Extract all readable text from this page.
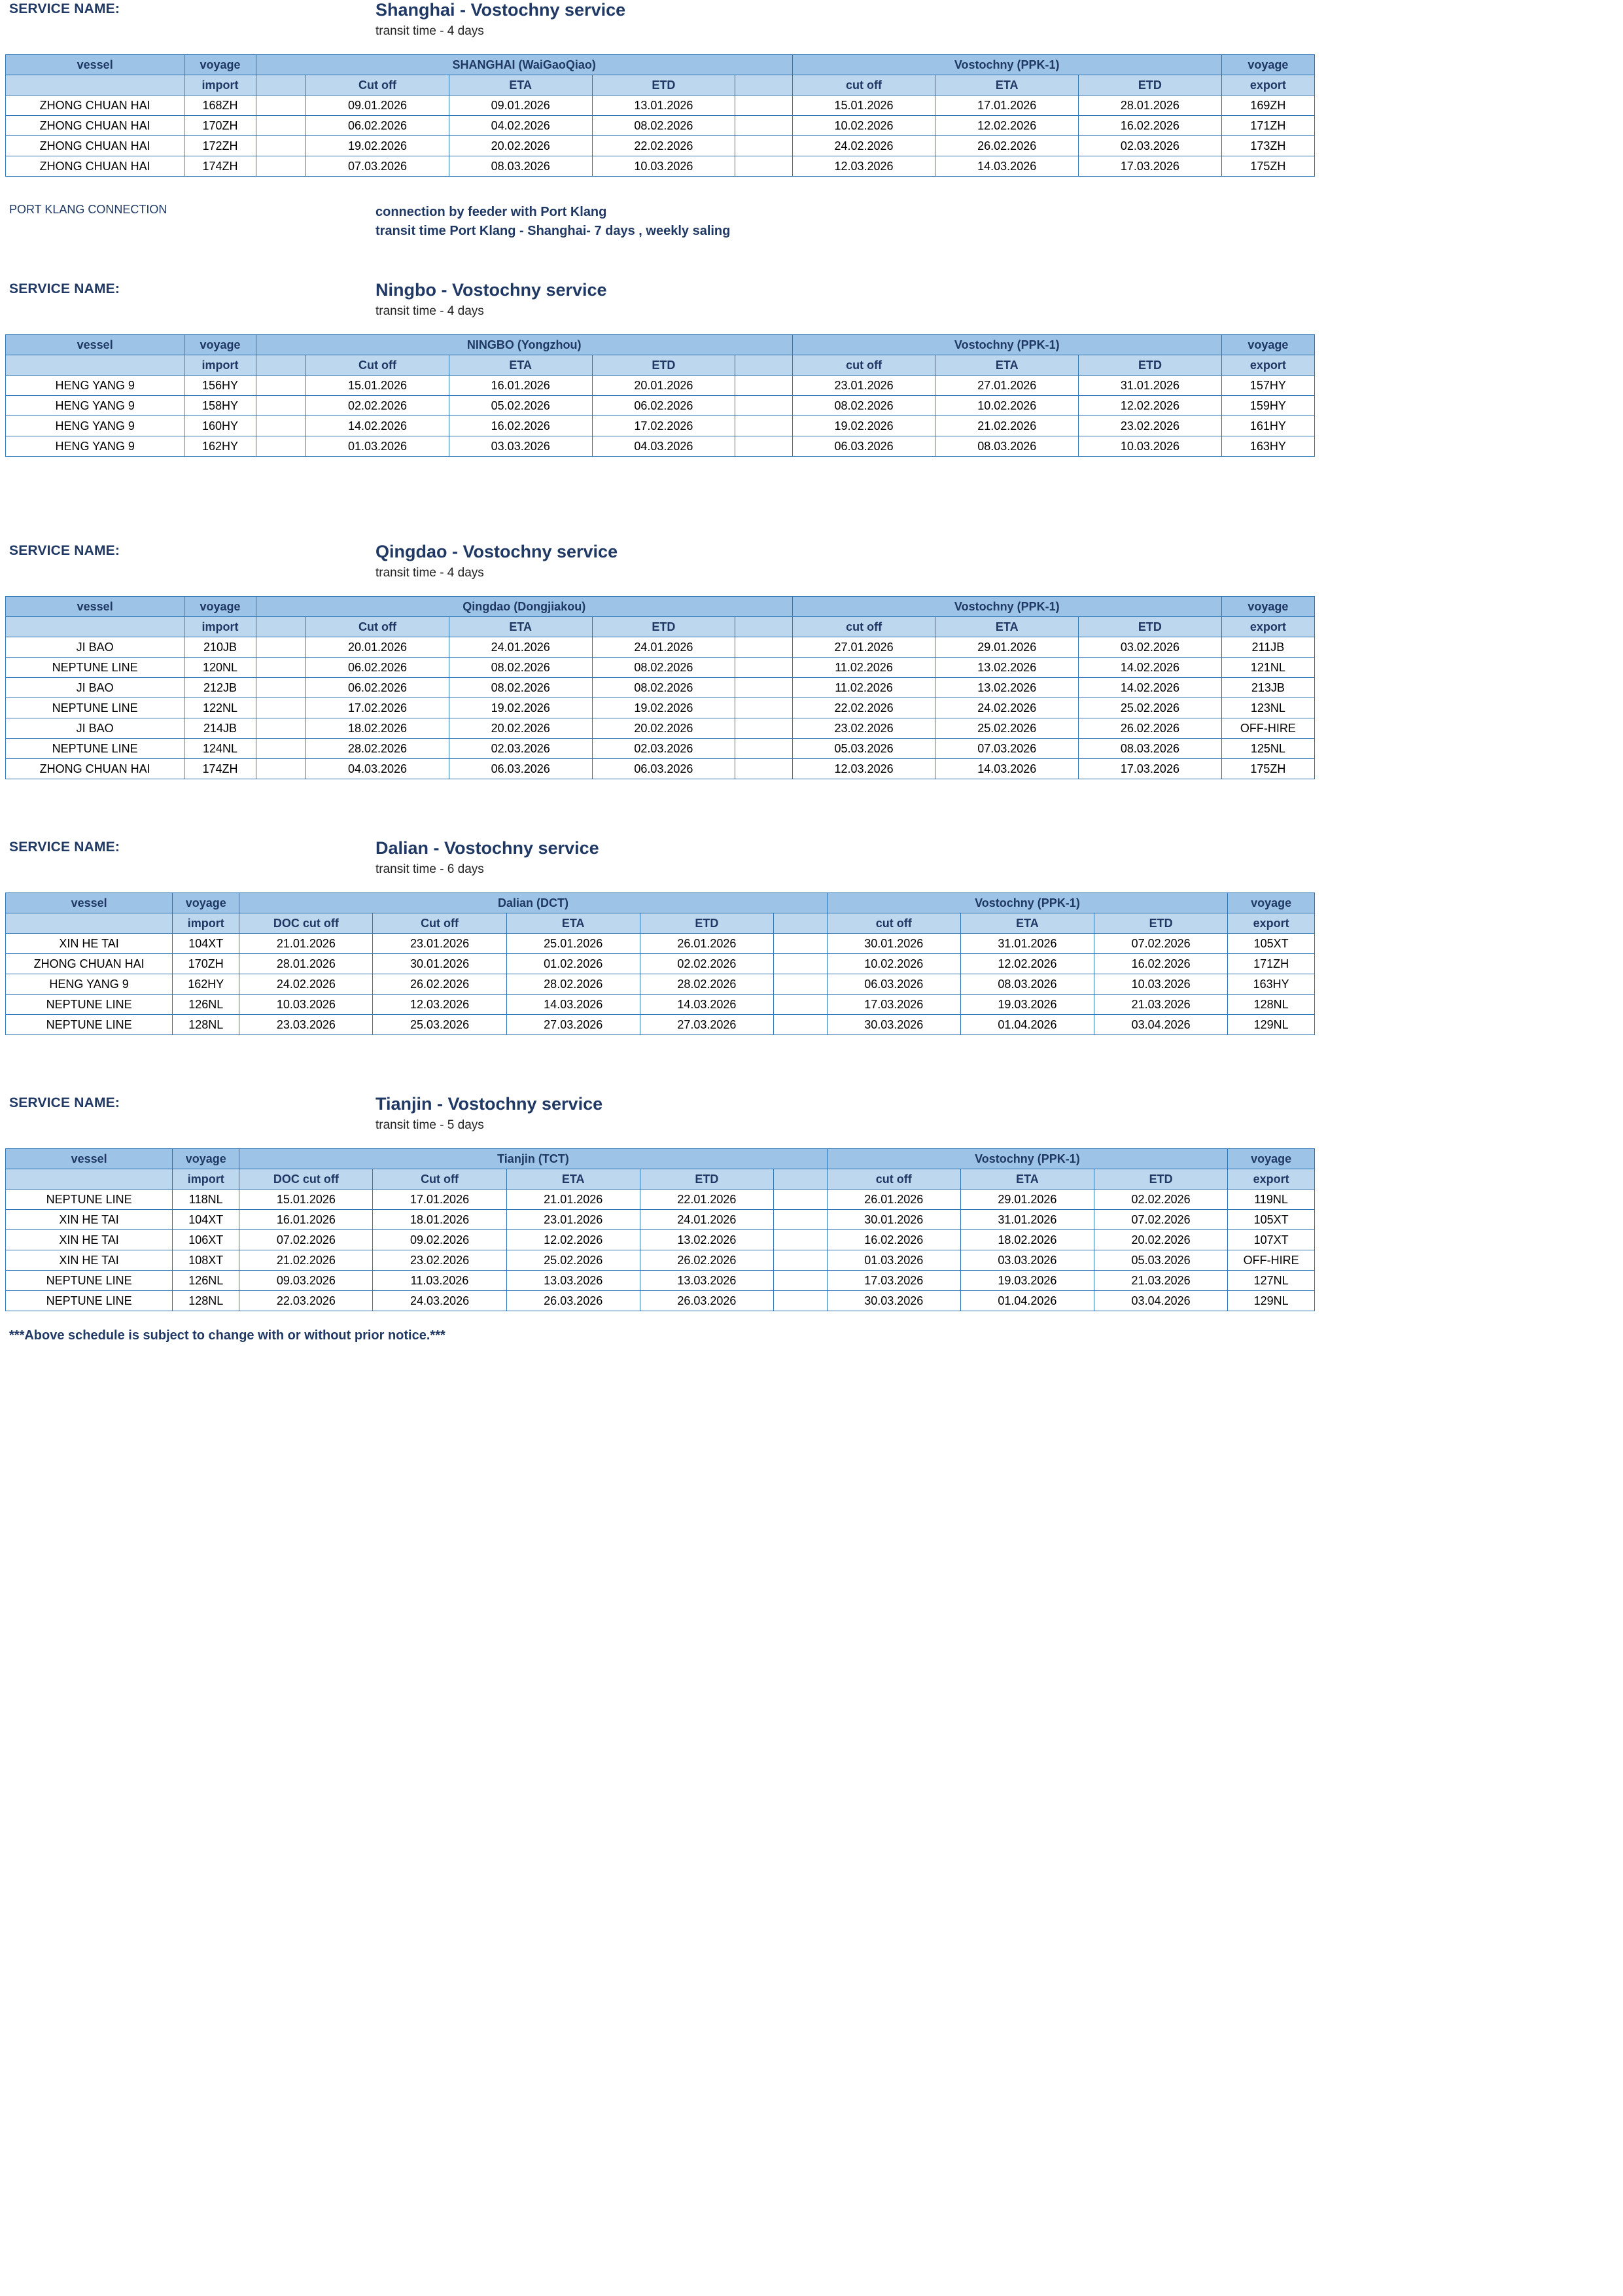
SERVICE NAME:	Shanghai - Vostochny service
transit time - 4 days
vessel	voyage	SHANGHAI (WaiGaoQiao)					Vostochny (PPK-1)			voyage
	import		Cut off	ETA	ETD		cut off	ETA	ETD	export
ZHONG CHUAN HAI	168ZH		09.01.2026	09.01.2026	13.01.2026		15.01.2026	17.01.2026	28.01.2026	169ZH
ZHONG CHUAN HAI	170ZH		06.02.2026	04.02.2026	08.02.2026		10.02.2026	12.02.2026	16.02.2026	171ZH
ZHONG CHUAN HAI	172ZH		19.02.2026	20.02.2026	22.02.2026		24.02.2026	26.02.2026	02.03.2026	173ZH
ZHONG CHUAN HAI	174ZH		07.03.2026	08.03.2026	10.03.2026		12.03.2026	14.03.2026	17.03.2026	175ZH
PORT KLANG CONNECTION	connection by feeder with Port Klang
transit time Port Klang - Shanghai- 7 days , weekly saling
SERVICE NAME:	Ningbo - Vostochny service
transit time - 4 days
vessel	voyage	NINGBO (Yongzhou)					Vostochny (PPK-1)			voyage
	import		Cut off	ETA	ETD		cut off	ETA	ETD	export
HENG YANG 9	156HY		15.01.2026	16.01.2026	20.01.2026		23.01.2026	27.01.2026	31.01.2026	157HY
HENG YANG 9	158HY		02.02.2026	05.02.2026	06.02.2026		08.02.2026	10.02.2026	12.02.2026	159HY
HENG YANG 9	160HY		14.02.2026	16.02.2026	17.02.2026		19.02.2026	21.02.2026	23.02.2026	161HY
HENG YANG 9	162HY		01.03.2026	03.03.2026	04.03.2026		06.03.2026	08.03.2026	10.03.2026	163HY
SERVICE NAME:	Qingdao - Vostochny service
transit time - 4 days
vessel	voyage	Qingdao (Dongjiakou)					Vostochny (PPK-1)			voyage
	import		Cut off	ETA	ETD		cut off	ETA	ETD	export
JI BAO	210JB		20.01.2026	24.01.2026	24.01.2026		27.01.2026	29.01.2026	03.02.2026	211JB
NEPTUNE LINE	120NL		06.02.2026	08.02.2026	08.02.2026		11.02.2026	13.02.2026	14.02.2026	121NL
JI BAO	212JB		06.02.2026	08.02.2026	08.02.2026		11.02.2026	13.02.2026	14.02.2026	213JB
NEPTUNE LINE	122NL		17.02.2026	19.02.2026	19.02.2026		22.02.2026	24.02.2026	25.02.2026	123NL
JI BAO	214JB		18.02.2026	20.02.2026	20.02.2026		23.02.2026	25.02.2026	26.02.2026	OFF-HIRE
NEPTUNE LINE	124NL		28.02.2026	02.03.2026	02.03.2026		05.03.2026	07.03.2026	08.03.2026	125NL
ZHONG CHUAN HAI	174ZH		04.03.2026	06.03.2026	06.03.2026		12.03.2026	14.03.2026	17.03.2026	175ZH
SERVICE NAME:	Dalian - Vostochny service
transit time - 6 days
vessel	voyage	Dalian (DCT)					Vostochny (PPK-1)			voyage
	import	DOC cut off	Cut off	ETA	ETD		cut off	ETA	ETD	export
XIN HE TAI	104XT	21.01.2026	23.01.2026	25.01.2026	26.01.2026		30.01.2026	31.01.2026	07.02.2026	105XT
ZHONG CHUAN HAI	170ZH	28.01.2026	30.01.2026	01.02.2026	02.02.2026		10.02.2026	12.02.2026	16.02.2026	171ZH
HENG YANG 9	162HY	24.02.2026	26.02.2026	28.02.2026	28.02.2026		06.03.2026	08.03.2026	10.03.2026	163HY
NEPTUNE LINE	126NL	10.03.2026	12.03.2026	14.03.2026	14.03.2026		17.03.2026	19.03.2026	21.03.2026	128NL
NEPTUNE LINE	128NL	23.03.2026	25.03.2026	27.03.2026	27.03.2026		30.03.2026	01.04.2026	03.04.2026	129NL
SERVICE NAME:	Tianjin - Vostochny service
transit time - 5 days
vessel	voyage	Tianjin (TCT)					Vostochny (PPK-1)			voyage
	import	DOC cut off	Cut off	ETA	ETD		cut off	ETA	ETD	export
NEPTUNE LINE	118NL	15.01.2026	17.01.2026	21.01.2026	22.01.2026		26.01.2026	29.01.2026	02.02.2026	119NL
XIN HE TAI	104XT	16.01.2026	18.01.2026	23.01.2026	24.01.2026		30.01.2026	31.01.2026	07.02.2026	105XT
XIN HE TAI	106XT	07.02.2026	09.02.2026	12.02.2026	13.02.2026		16.02.2026	18.02.2026	20.02.2026	107XT
XIN HE TAI	108XT	21.02.2026	23.02.2026	25.02.2026	26.02.2026		01.03.2026	03.03.2026	05.03.2026	OFF-HIRE
NEPTUNE LINE	126NL	09.03.2026	11.03.2026	13.03.2026	13.03.2026		17.03.2026	19.03.2026	21.03.2026	127NL
NEPTUNE LINE	128NL	22.03.2026	24.03.2026	26.03.2026	26.03.2026		30.03.2026	01.04.2026	03.04.2026	129NL
***Above schedule is subject to change with or without prior notice.***
